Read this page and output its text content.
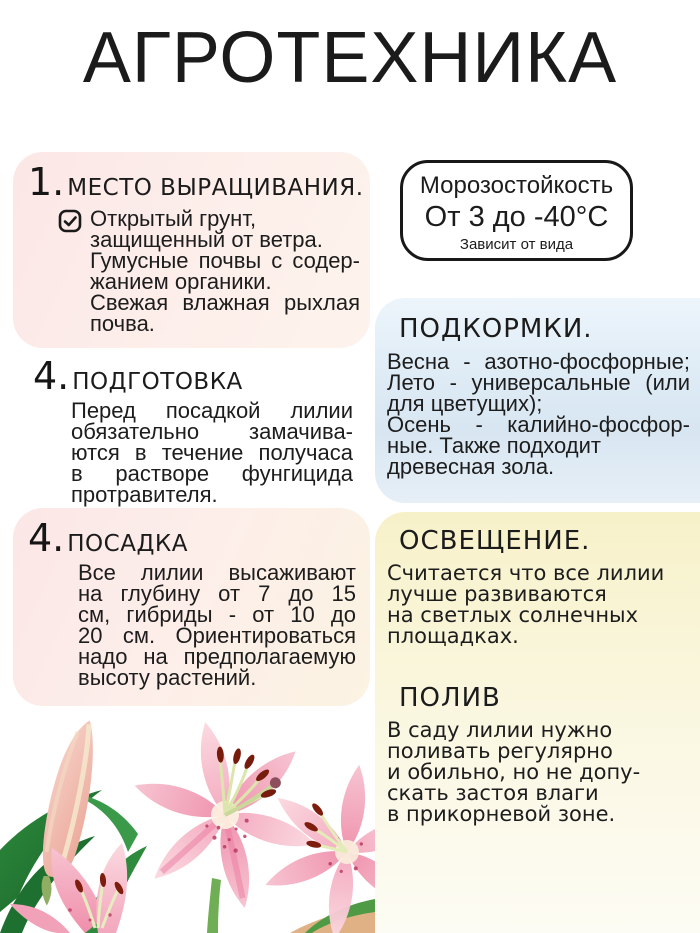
АГРОТЕХНИКА
1. МЕСТО ВЫРАЩИВАНИЯ.
Открытый грунт,
защищенный от ветра.
Гумусные почвы с содер-
жанием органики.
Свежая влажная рыхлая
почва.
Морозостойкость
От 3 до -40°С
Зависит от вида
4. ПОДГОТОВКА
Перед посадкой лилии
обязательно замачива-
ются в течение получаса
в растворе фунгицида
протравителя.
ПОДКОРМКИ.
Весна - азотно-фосфорные;
Лето - универсальные (или
для цветущих);
Осень - калийно-фосфор-
ные. Также подходит
древесная зола.
4. ПОСАДКА
Все лилии высаживают
на глубину от 7 до 15
см, гибриды - от 10 до
20 см. Ориентироваться
надо на предполагаемую
высоту растений.
ОСВЕЩЕНИЕ.
Считается что все лилии
лучше развиваются
на светлых солнечных
площадках.
ПОЛИВ
В саду лилии нужно
поливать регулярно
и обильно, но не допу-
скать застоя влаги
в прикорневой зоне.
